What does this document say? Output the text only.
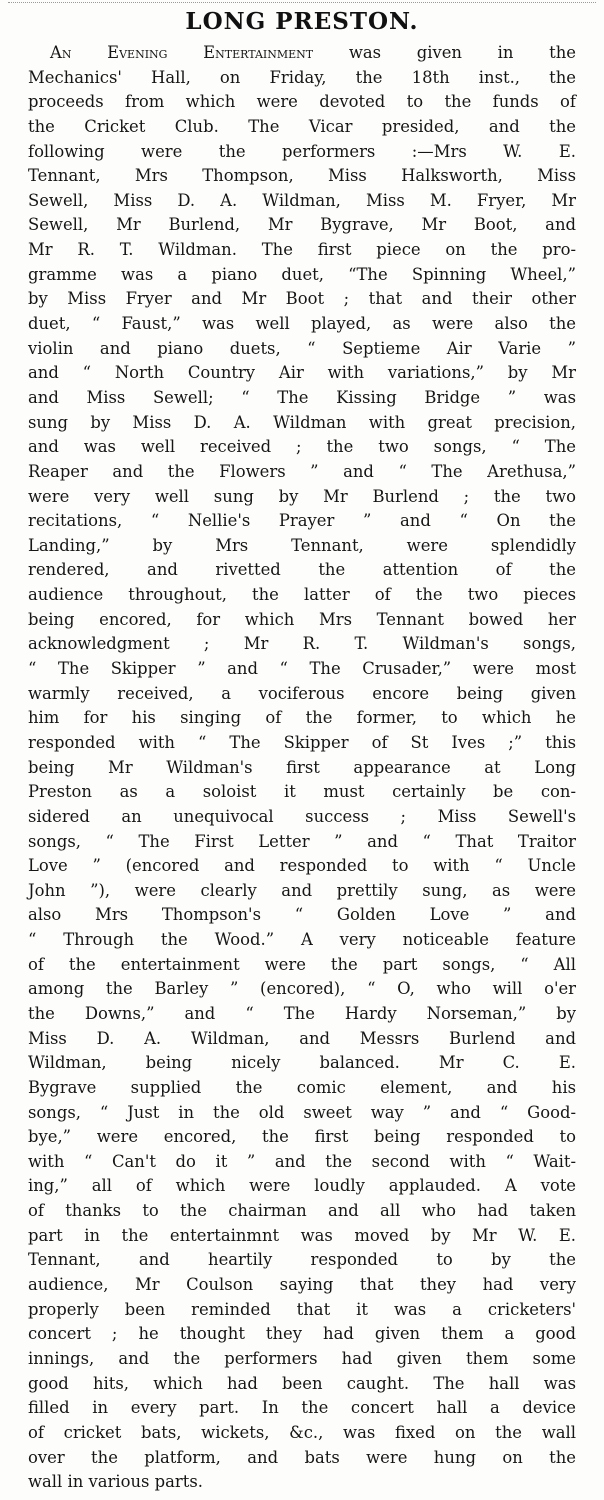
LONG PRESTON.
An Evening Entertainment was given in the
Mechanics' Hall, on Friday, the 18th inst., the
proceeds from which were devoted to the funds of
the Cricket Club. The Vicar presided, and the
following were the performers :—Mrs W. E.
Tennant, Mrs Thompson, Miss Halksworth, Miss
Sewell, Miss D. A. Wildman, Miss M. Fryer, Mr
Sewell, Mr Burlend, Mr Bygrave, Mr Boot, and
Mr R. T. Wildman. The first piece on the pro-
gramme was a piano duet, “The Spinning Wheel,”
by Miss Fryer and Mr Boot ; that and their other
duet, “ Faust,” was well played, as were also the
violin and piano duets, “ Septieme Air Varie ”
and “ North Country Air with variations,” by Mr
and Miss Sewell; “ The Kissing Bridge ” was
sung by Miss D. A. Wildman with great precision,
and was well received ; the two songs, “ The
Reaper and the Flowers ” and “ The Arethusa,”
were very well sung by Mr Burlend ; the two
recitations, “ Nellie's Prayer ” and “ On the
Landing,” by Mrs Tennant, were splendidly
rendered, and rivetted the attention of the
audience throughout, the latter of the two pieces
being encored, for which Mrs Tennant bowed her
acknowledgment ; Mr R. T. Wildman's songs,
“ The Skipper ” and “ The Crusader,” were most
warmly received, a vociferous encore being given
him for his singing of the former, to which he
responded with “ The Skipper of St Ives ;” this
being Mr Wildman's first appearance at Long
Preston as a soloist it must certainly be con-
sidered an unequivocal success ; Miss Sewell's
songs, “ The First Letter ” and “ That Traitor
Love ” (encored and responded to with “ Uncle
John ”), were clearly and prettily sung, as were
also Mrs Thompson's “ Golden Love ” and
“ Through the Wood.” A very noticeable feature
of the entertainment were the part songs, “ All
among the Barley ” (encored), “ O, who will o'er
the Downs,” and “ The Hardy Norseman,” by
Miss D. A. Wildman, and Messrs Burlend and
Wildman, being nicely balanced. Mr C. E.
Bygrave supplied the comic element, and his
songs, “ Just in the old sweet way ” and “ Good-
bye,” were encored, the first being responded to
with “ Can't do it ” and the second with “ Wait-
ing,” all of which were loudly applauded. A vote
of thanks to the chairman and all who had taken
part in the entertainmnt was moved by Mr W. E.
Tennant, and heartily responded to by the
audience, Mr Coulson saying that they had very
properly been reminded that it was a cricketers'
concert ; he thought they had given them a good
innings, and the performers had given them some
good hits, which had been caught. The hall was
filled in every part. In the concert hall a device
of cricket bats, wickets, &c., was fixed on the wall
over the platform, and bats were hung on the
wall in various parts.
